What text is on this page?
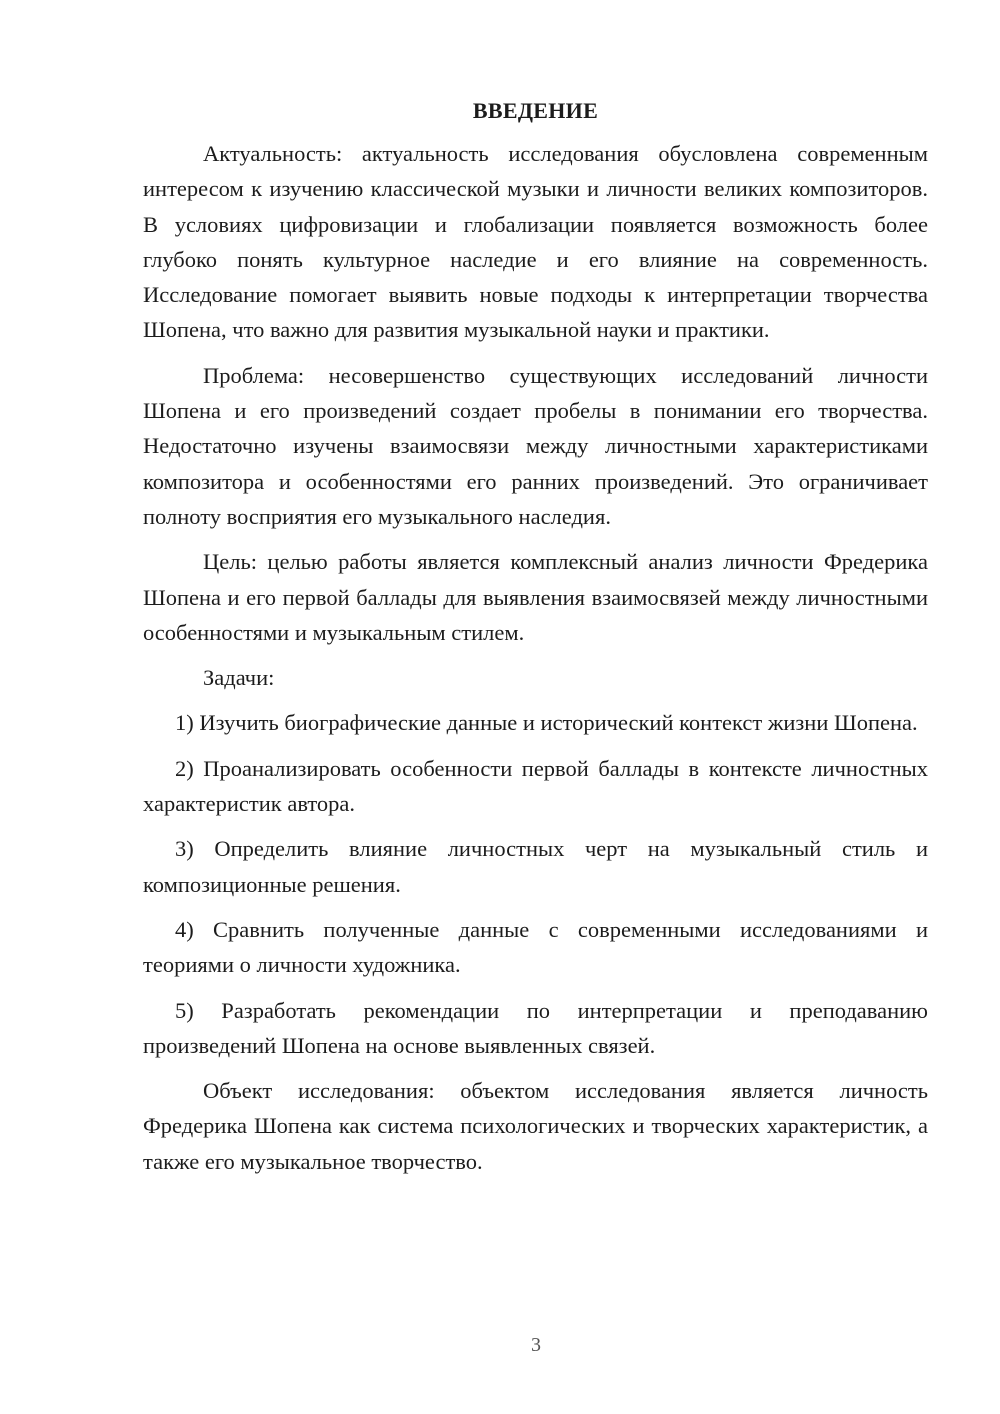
ВВЕДЕНИЕ

Актуальность: актуальность исследования обусловлена современным интересом к изучению классической музыки и личности великих композиторов. В условиях цифровизации и глобализации появляется возможность более глубоко понять культурное наследие и его влияние на современность. Исследование помогает выявить новые подходы к интерпретации творчества Шопена, что важно для развития музыкальной науки и практики.

Проблема: несовершенство существующих исследований личности Шопена и его произведений создает пробелы в понимании его творчества. Недостаточно изучены взаимосвязи между личностными характеристиками композитора и особенностями его ранних произведений. Это ограничивает полноту восприятия его музыкального наследия.

Цель: целью работы является комплексный анализ личности Фредерика Шопена и его первой баллады для выявления взаимосвязей между личностными особенностями и музыкальным стилем.

Задачи:

1) Изучить биографические данные и исторический контекст жизни Шопена.

2) Проанализировать особенности первой баллады в контексте личностных характеристик автора.

3) Определить влияние личностных черт на музыкальный стиль и композиционные решения.

4) Сравнить полученные данные с современными исследованиями и теориями о личности художника.

5) Разработать рекомендации по интерпретации и преподаванию произведений Шопена на основе выявленных связей.

Объект исследования: объектом исследования является личность Фредерика Шопена как система психологических и творческих характеристик, а также его музыкальное творчество.

3
